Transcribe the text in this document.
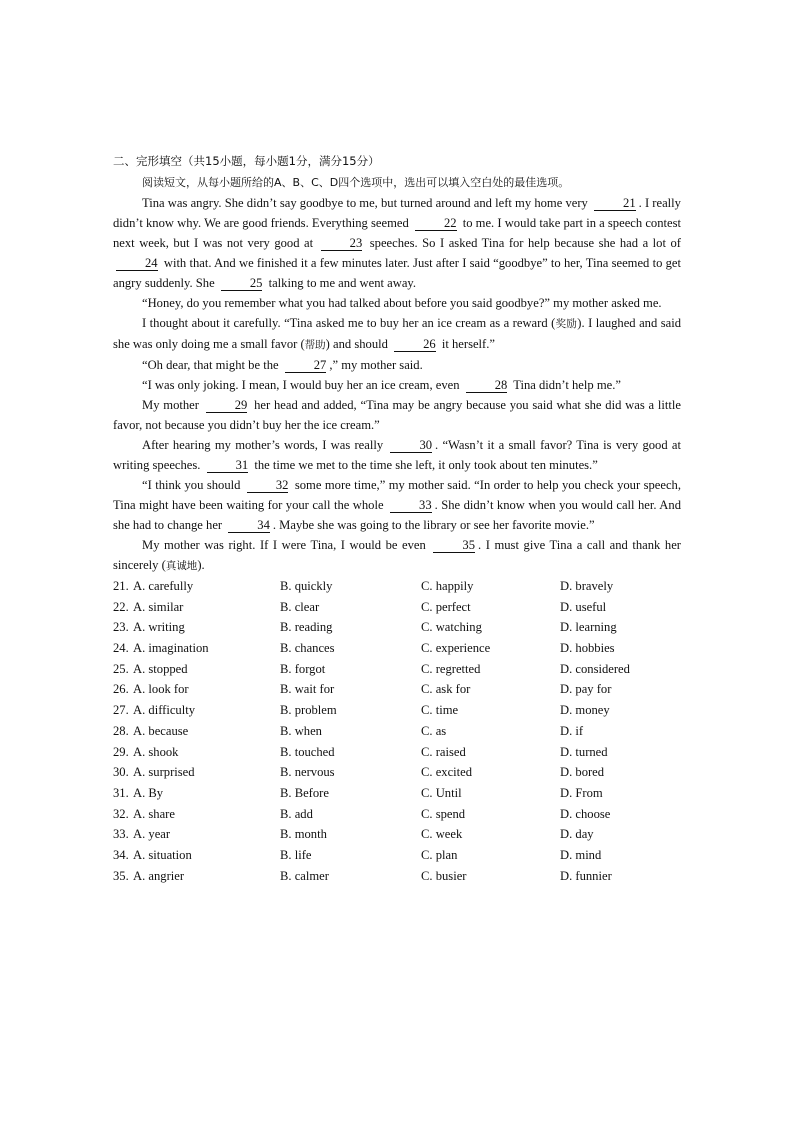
二、完形填空（共15小题，每小题1分，满分15分）

阅读短文，从每小题所给的A、B、C、D四个选项中，选出可以填入空白处的最佳选项。

Tina was angry. She didn’t say goodbye to me, but turned around and left my home very	21 . I really didn’t know why. We are good friends. Everything seemed	22 to me. I would take part in a speech contest next week, but I was not very good at	23 speeches. So I asked Tina for help because she had a lot of 24 with that. And we finished it a few minutes later. Just after I said “goodbye” to her, Tina seemed to get angry suddenly. She	25 talking to me and went away.

“Honey, do you remember what you had talked about before you said goodbye?” my mother asked me.

I thought about it carefully. “Tina asked me to buy her an ice cream as a reward (奖励). I laughed and said she was only doing me a small favor (帮助) and should	26 it herself.”

“Oh dear, that might be the	27 ,” my mother said.

“I was only joking. I mean, I would buy her an ice cream, even	28 Tina didn’t help me.”

My mother	29 her head and added, “Tina may be angry because you said what she did was a little favor, not because you didn’t buy her the ice cream.”

After hearing my mother’s words, I was really	30 . “Wasn’t it a small favor? Tina is very good at writing speeches.	31 the time we met to the time she left, it only took about ten minutes.”

“I think you should	32 some more time,” my mother said. “In order to help you check your speech, Tina might have been waiting for your call the whole	33 . She didn’t know when you would call her. And she had to change her	34 . Maybe she was going to the library or see her favorite movie.”

My mother was right. If I were Tina, I would be even	35 . I must give Tina a call and thank her sincerely (真诚地).

21. A. carefully	B. quickly	C. happily	D. bravely
22. A. similar	B. clear	C. perfect	D. useful
23. A. writing	B. reading	C. watching	D. learning
24. A. imagination	B. chances	C. experience	D. hobbies
25. A. stopped	B. forgot	C. regretted	D. considered
26. A. look for	B. wait for	C. ask for	D. pay for
27. A. difficulty	B. problem	C. time	D. money
28. A. because	B. when	C. as	D. if
29. A. shook	B. touched	C. raised	D. turned
30. A. surprised	B. nervous	C. excited	D. bored
31. A. By	B. Before	C. Until	D. From
32. A. share	B. add	C. spend	D. choose
33. A. year	B. month	C. week	D. day
34. A. situation	B. life	C. plan	D. mind
35. A. angrier	B. calmer	C. busier	D. funnier
